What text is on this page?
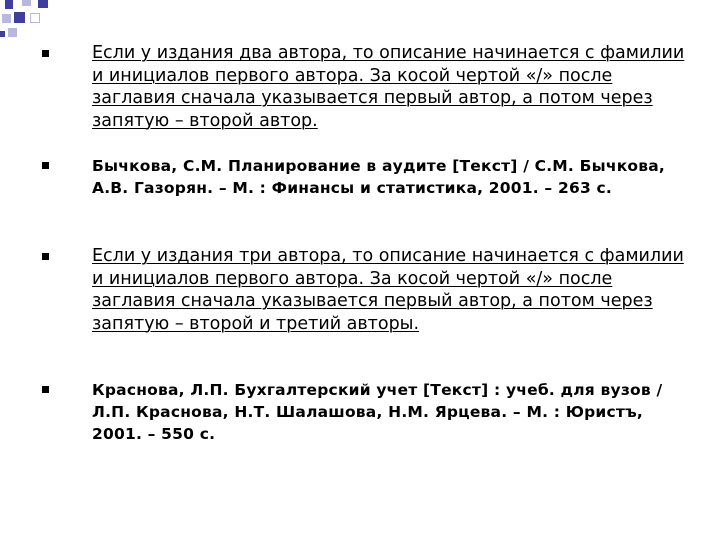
Если у издания два автора, то описание начинается с фамилии и инициалов первого автора. За косой чертой «/» после заглавия сначала указывается первый автор, а потом через запятую – второй автор.

Бычкова, С.М. Планирование в аудите [Текст] / С.М. Бычкова, А.В. Газорян. – М. : Финансы и статистика, 2001. – 263 с.

Если у издания три автора, то описание начинается с фамилии и инициалов первого автора. За косой чертой «/» после заглавия сначала указывается первый автор, а потом через запятую – второй и третий авторы.

Краснова, Л.П. Бухгалтерский учет [Текст] : учеб. для вузов / Л.П. Краснова, Н.Т. Шалашова, Н.М. Ярцева. – М. : Юристъ, 2001. – 550 с.
